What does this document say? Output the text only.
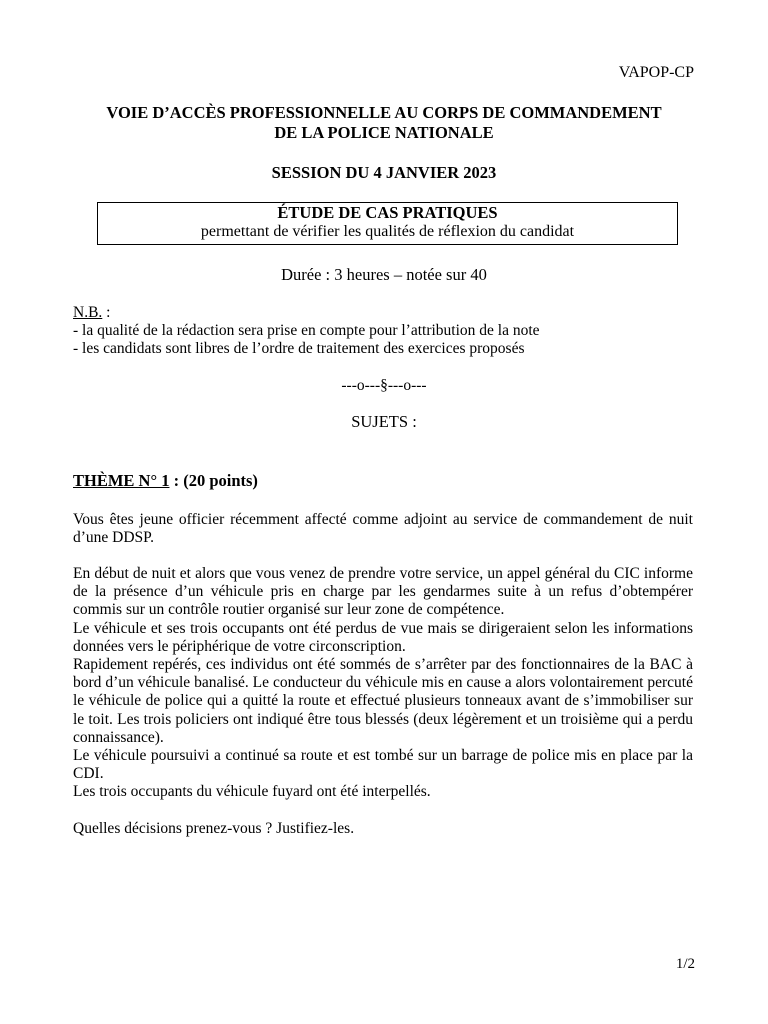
VAPOP-CP
VOIE D’ACCÈS PROFESSIONNELLE AU CORPS DE COMMANDEMENT
DE LA POLICE NATIONALE
SESSION DU 4 JANVIER 2023
ÉTUDE DE CAS PRATIQUES
permettant de vérifier les qualités de réflexion du candidat
Durée : 3 heures – notée sur 40
N.B. :
- la qualité de la rédaction sera prise en compte pour l’attribution de la note
- les candidats sont libres de l’ordre de traitement des exercices proposés
---o---§---o---
SUJETS :
THÈME N° 1 : (20 points)

Vous êtes jeune officier récemment affecté comme adjoint au service de commandement de nuit d’une DDSP.

En début de nuit et alors que vous venez de prendre votre service, un appel général du CIC informe de la présence d’un véhicule pris en charge par les gendarmes suite à un refus d’obtempérer commis sur un contrôle routier organisé sur leur zone de compétence.

Le véhicule et ses trois occupants ont été perdus de vue mais se dirigeraient selon les informations données vers le périphérique de votre circonscription.

Rapidement repérés, ces individus ont été sommés de s’arrêter par des fonctionnaires de la BAC à bord d’un véhicule banalisé. Le conducteur du véhicule mis en cause a alors volontairement percuté le véhicule de police qui a quitté la route et effectué plusieurs tonneaux avant de s’immobiliser sur le toit. Les trois policiers ont indiqué être tous blessés (deux légèrement et un troisième qui a perdu connaissance).

Le véhicule poursuivi a continué sa route et est tombé sur un barrage de police mis en place par la CDI.

Les trois occupants du véhicule fuyard ont été interpellés.

Quelles décisions prenez-vous ? Justifiez-les.

1/2
